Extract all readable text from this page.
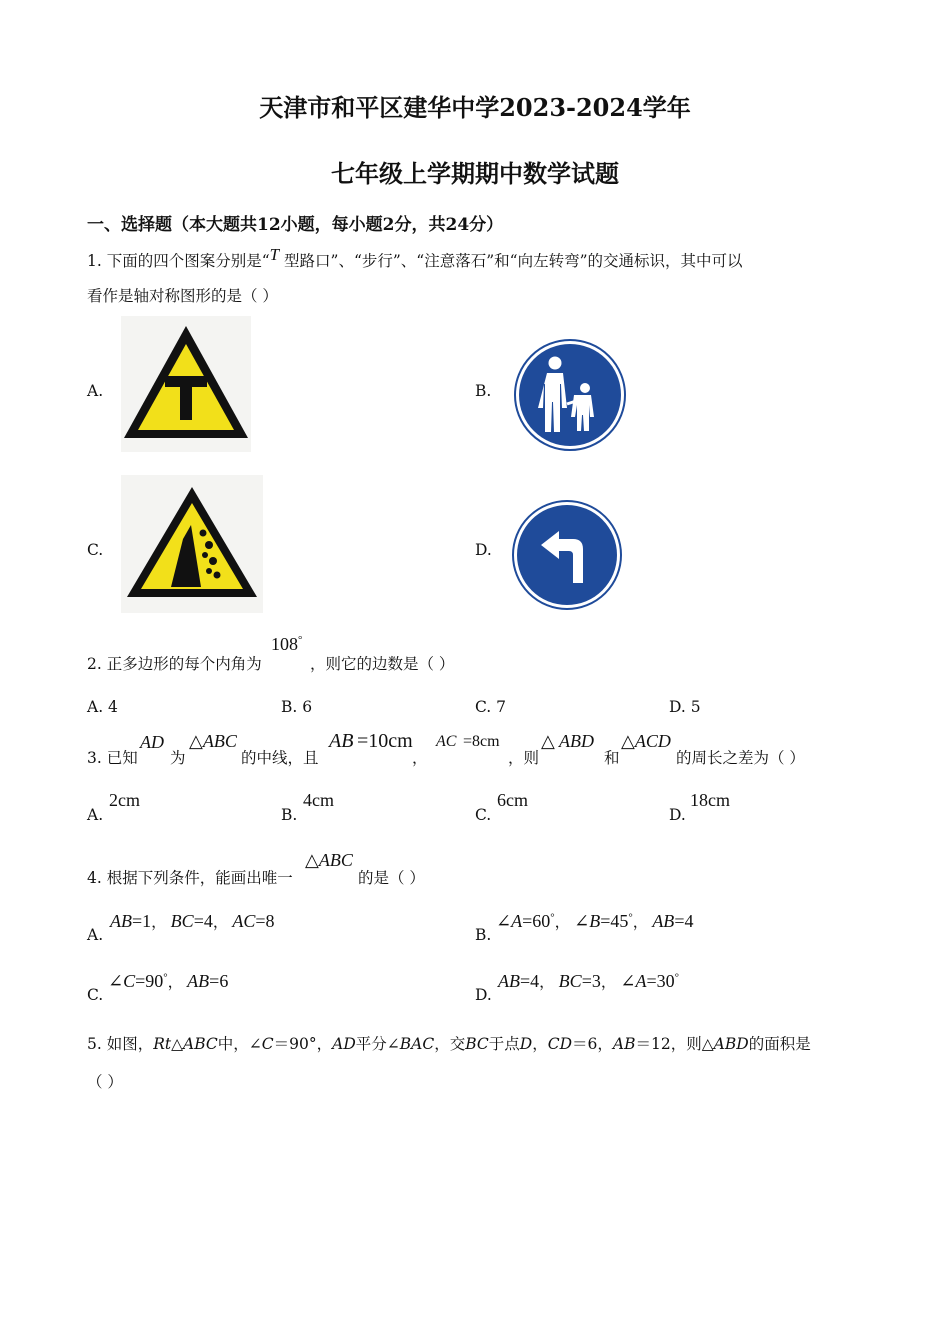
天津市和平区建华中学2023-2024学年
七年级上学期期中数学试题
一、选择题（本大题共12小题，每小题2分，共24分）
1. 下面的四个图案分别是“T 型路口”、“步行”、“注意落石”和“向左转弯”的交通标识，其中可以
看作是轴对称图形的是（ ）
A.	B.
C.	D.
2. 正多边形的每个内角为
108°
，则它的边数是（ ）
A. 4	B. 6	C. 7	D. 5
3. 已知
AD
为
△ABC
的中线，且
AB =10cm
，
AC =8cm
，则
△ ABD
和
△ACD
的周长之差为（ ）
A.
2cm
B.
4cm
C.
6cm
D.
18cm
4. 根据下列条件，能画出唯一
△ABC
的是（ ）
A.
AB=1， BC=4， AC=8
B.
∠A=60°， ∠B=45°， AB=4
C.
∠C=90°， AB=6
D.
AB=4， BC=3， ∠A=30°
5. 如图，Rt△ABC中，∠C＝90°，AD平分∠BAC，交BC于点D，CD＝6，AB＝12，则△ABD的面积是
（ ）
